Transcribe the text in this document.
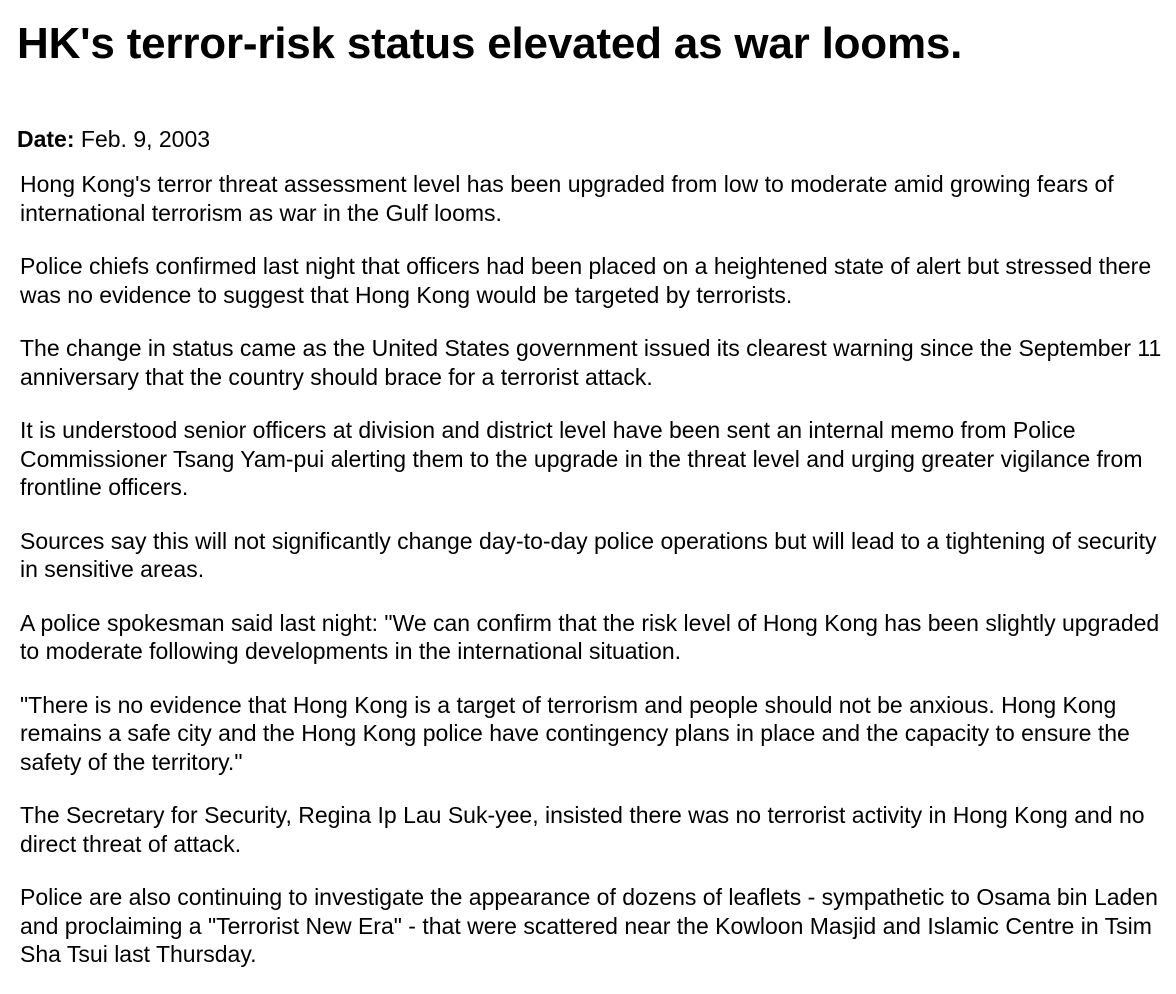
HK's terror-risk status elevated as war looms.
Date: Feb. 9, 2003

Hong Kong's terror threat assessment level has been upgraded from low to moderate amid growing fears of international terrorism as war in the Gulf looms.

Police chiefs confirmed last night that officers had been placed on a heightened state of alert but stressed there was no evidence to suggest that Hong Kong would be targeted by terrorists.

The change in status came as the United States government issued its clearest warning since the September 11 anniversary that the country should brace for a terrorist attack.

It is understood senior officers at division and district level have been sent an internal memo from Police Commissioner Tsang Yam-pui alerting them to the upgrade in the threat level and urging greater vigilance from frontline officers.

Sources say this will not significantly change day-to-day police operations but will lead to a tightening of security in sensitive areas.

A police spokesman said last night: "We can confirm that the risk level of Hong Kong has been slightly upgraded to moderate following developments in the international situation.

"There is no evidence that Hong Kong is a target of terrorism and people should not be anxious. Hong Kong remains a safe city and the Hong Kong police have contingency plans in place and the capacity to ensure the safety of the territory."

The Secretary for Security, Regina Ip Lau Suk-yee, insisted there was no terrorist activity in Hong Kong and no direct threat of attack.

Police are also continuing to investigate the appearance of dozens of leaflets - sympathetic to Osama bin Laden and proclaiming a "Terrorist New Era" - that were scattered near the Kowloon Masjid and Islamic Centre in Tsim Sha Tsui last Thursday.
